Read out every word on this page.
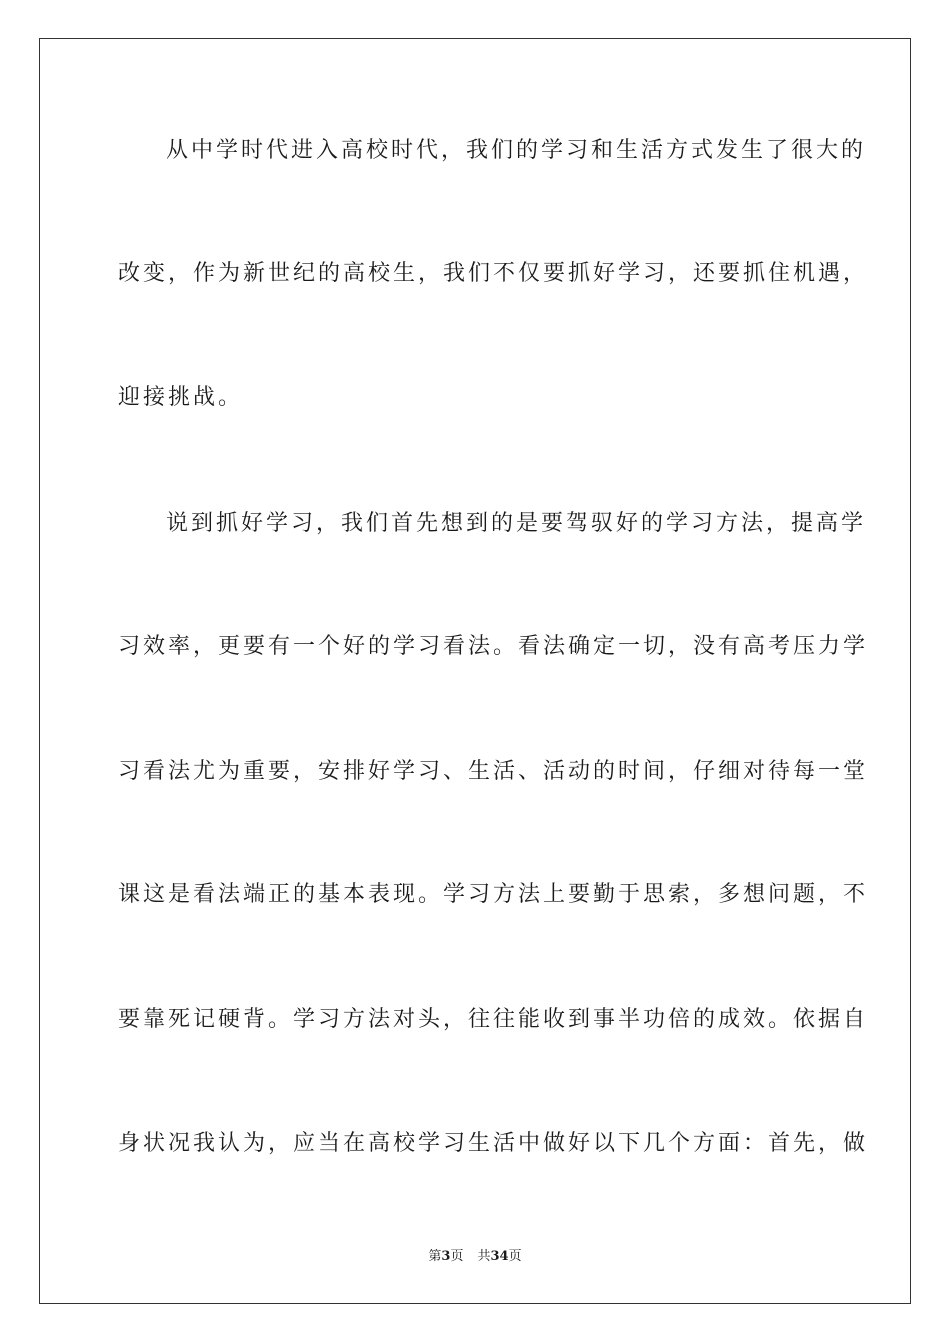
从中学时代进入高校时代，我们的学习和生活方式发生了很大的
改变，作为新世纪的高校生，我们不仅要抓好学习，还要抓住机遇，
迎接挑战。
说到抓好学习，我们首先想到的是要驾驭好的学习方法，提高学
习效率，更要有一个好的学习看法。看法确定一切，没有高考压力学
习看法尤为重要，安排好学习、生活、活动的时间，仔细对待每一堂
课这是看法端正的基本表现。学习方法上要勤于思索，多想问题，不
要靠死记硬背。学习方法对头，往往能收到事半功倍的成效。依据自
身状况我认为，应当在高校学习生活中做好以下几个方面：首先，做
第3页 共34页
